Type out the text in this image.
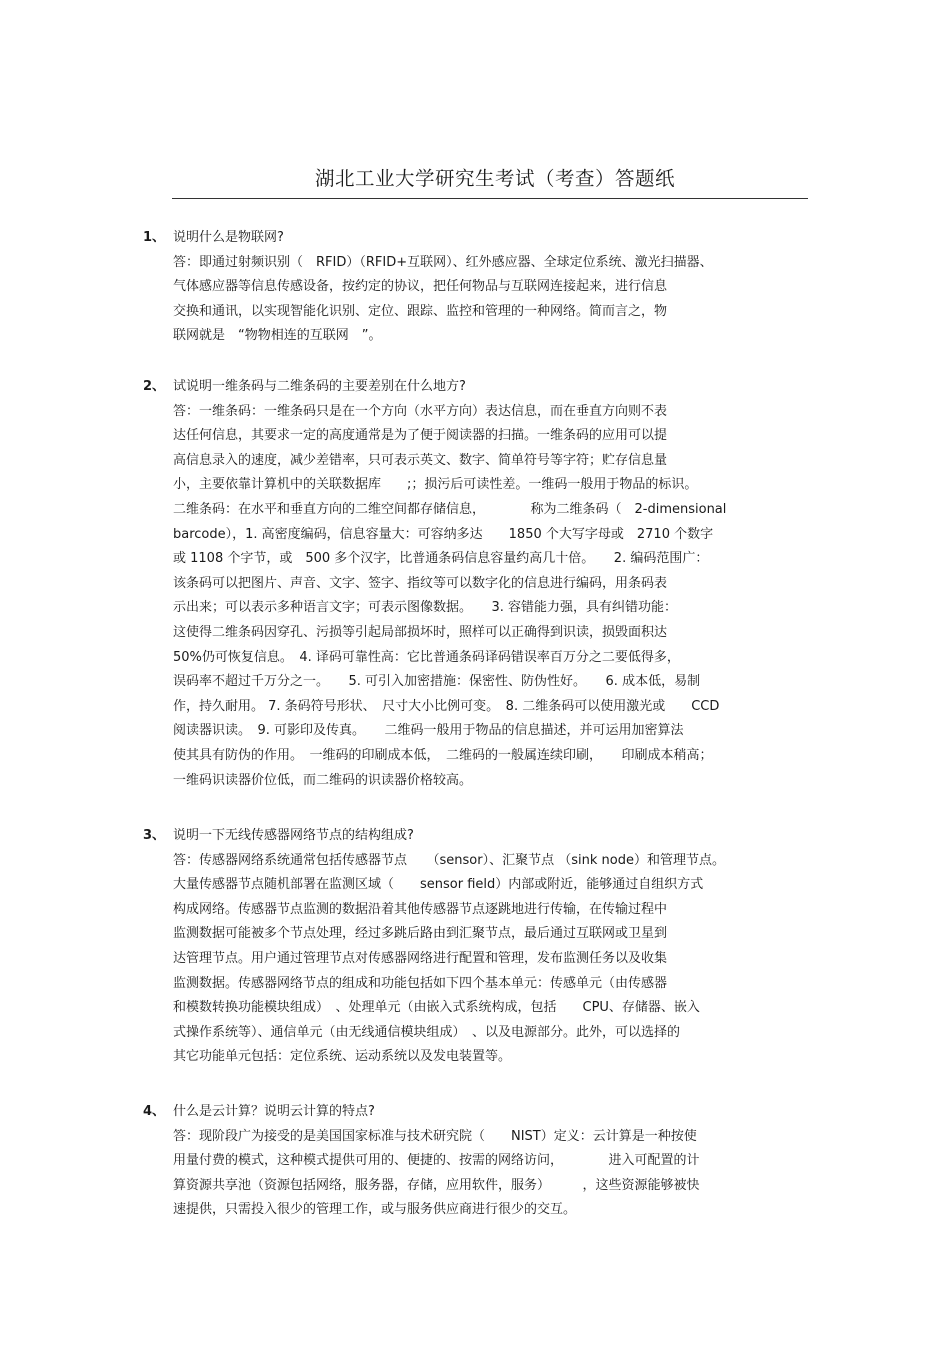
湖北工业大学研究生考试（考查）答题纸
1、 说明什么是物联网?
答：即通过射频识别（　RFID）（RFID+互联网）、红外感应器、全球定位系统、激光扫描器、
气体感应器等信息传感设备，按约定的协议，把任何物品与互联网连接起来，进行信息
交换和通讯，以实现智能化识别、定位、跟踪、监控和管理的一种网络。简而言之，物
联网就是　“物物相连的互联网　”。
2、 试说明一维条码与二维条码的主要差别在什么地方?
答：一维条码：一维条码只是在一个方向（水平方向）表达信息，而在垂直方向则不表
达任何信息，其要求一定的高度通常是为了便于阅读器的扫描。一维条码的应用可以提
高信息录入的速度，减少差错率，只可表示英文、数字、简单符号等字符；贮存信息量
小，主要依靠计算机中的关联数据库　　;；损污后可读性差。一维码一般用于物品的标识。
二维条码：在水平和垂直方向的二维空间都存储信息，　　　　称为二维条码（　2-dimensional
barcode），1. 高密度编码，信息容量大：可容纳多达　　1850 个大写字母或　2710 个数字
或 1108 个字节，或　500 多个汉字，比普通条码信息容量约高几十倍。　　2. 编码范围广：
该条码可以把图片、声音、文字、签字、指纹等可以数字化的信息进行编码，用条码表
示出来；可以表示多种语言文字；可表示图像数据。　　3. 容错能力强，具有纠错功能：
这使得二维条码因穿孔、污损等引起局部损坏时，照样可以正确得到识读，损毁面积达
50%仍可恢复信息。　4. 译码可靠性高：它比普通条码译码错误率百万分之二要低得多，
误码率不超过千万分之一。　　5. 可引入加密措施：保密性、防伪性好。　　6. 成本低，易制
作，持久耐用。 7. 条码符号形状、　尺寸大小比例可变。　8. 二维条码可以使用激光或　　CCD
阅读器识读。　9. 可影印及传真。　　二维码一般用于物品的信息描述，并可运用加密算法
使其具有防伪的作用。　一维码的印刷成本低，　二维码的一般属连续印刷，　　印刷成本稍高；
一维码识读器价位低，而二维码的识读器价格较高。
3、 说明一下无线传感器网络节点的结构组成?
答：传感器网络系统通常包括传感器节点　　（sensor）、汇聚节点 （sink node）和管理节点。
大量传感器节点随机部署在监测区域（　　sensor field）内部或附近，能够通过自组织方式
构成网络。传感器节点监测的数据沿着其他传感器节点逐跳地进行传输，在传输过程中
监测数据可能被多个节点处理，经过多跳后路由到汇聚节点，最后通过互联网或卫星到
达管理节点。用户通过管理节点对传感器网络进行配置和管理，发布监测任务以及收集
监测数据。传感器网络节点的组成和功能包括如下四个基本单元：传感单元（由传感器
和模数转换功能模块组成）　、处理单元（由嵌入式系统构成，包括　　CPU、存储器、嵌入
式操作系统等）、通信单元（由无线通信模块组成）　、以及电源部分。此外，可以选择的
其它功能单元包括：定位系统、运动系统以及发电装置等。
4、 什么是云计算？说明云计算的特点?
答：现阶段广为接受的是美国国家标准与技术研究院（　　NIST）定义：云计算是一种按使
用量付费的模式，这种模式提供可用的、便捷的、按需的网络访问，　　　　进入可配置的计
算资源共享池（资源包括网络，服务器，存储，应用软件，服务）　　　，这些资源能够被快
速提供，只需投入很少的管理工作，或与服务供应商进行很少的交互。
